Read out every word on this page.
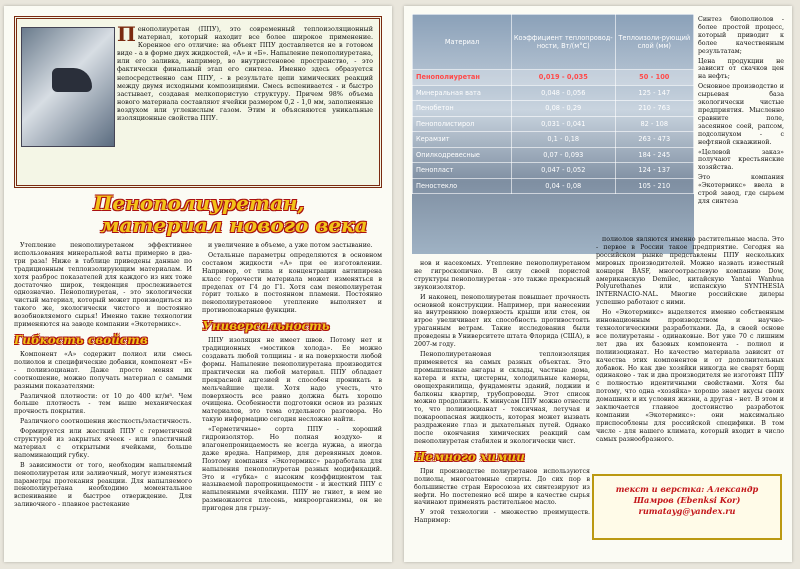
Пенополиуретан (ППУ), это современный теплоизоляционный материал, который находит все более широкое применение. Коренное его отличие: на объект ППУ доставляется не в готовом виде - а в форме двух жидкостей, «А» и «Б». Напыление пенополиуретана, или его заливка, например, во внутриcтеновое пространство, - это фактически финальный этап его синтеза. Именно здесь образуется непосредственно сам ППУ, - в результате цепи химических реакций между двумя исходными композициями. Смесь вспенивается - и быстро застывает, создавая мелкопористую структуру. Причем 98% объема нового материала составляют ячейки размером 0,2 - 1,0 мм, заполненные воздухом или углекислым газом. Этим и объясняются уникальные изоляционные свойства ППУ.
Пенополиуретан,
материал нового века

Утепление пенополиуретаном эффективнее использования минеральной ваты примерно в два-три раза! Ниже в таблице приведены данные по традиционным теплоизолирующим материалам. И хотя разброс показателей для каждого из них тоже достаточно широк, тенденция прослеживается однозначно. Пенополиуретан, - это экологически чистый материал, который может производиться из такого же, экологически чистого и постоянно возобновляемого сырья! Именно такие технологии применяются на заводе компании «Экотермикс».

Гибкость свойств

Компонент «А» содержит полиол или смесь полиолов и специфические добавки, компонент «Б» - полиизоцианат. Даже просто меняя их соотношение, можно получать материал с самыми разными показателями:

Различной плотности: от 10 до 400 кг/м³. Чем больше плотность - тем выше механическая прочность покрытия.

Различного соотношения жесткость/эластичность.

Формируется или жесткий ППУ с герметичной структурой из закрытых ячеек - или эластичный материал с открытыми ячейками, больше напоминающий губку.

В зависимости от того, необходим напыляемый пенополиуретан или заливочный, могут изменяться параметры протекания реакции. Для напыляемого пенополиуретана необходимо моментальное вспенивание и быстрое отверждение. Для заливочного - плавное растекание

и увеличение в объеме, а уже потом застывание.

Остальные параметры определяются в основном составом жидкости «А» при ее изготовлении. Например, от типа и концентрации антипирена класс горючести материала может изменяться в пределах от Г4 до Г1. Хотя сам пенополиуретан горит только в постоянном пламени. Постоянно пенополиуретановое утепление выполняет и противопожарные функции.

Универсальность

ППУ изоляция не имеет швов. Потому нет и традиционных «мостиков холода». Ее можно создавать любой толщины - и на поверхности любой формы. Напыление пенополиуретана производится практически на любой материал. ППУ обладает прекрасной адгезией и способен проникать в мельчайшие щели. Хотя надо учесть, что поверхность все равно должна быть хорошо очищена. Особенности подготовки основ из разных материалов, это тема отдельного разговора. Но такую информацию сегодня несложно найти.

«Герметичные» сорта ППУ - хороший гидроизолятор. Но полная воздухо- и влагонепроницаемость не всегда нужна, а иногда даже вредна. Например, для деревянных домов. Поэтому компания «Экотермикс» разработала для напыления пенополиуретан разных модификаций. Это и «губка» с высоким коэффициентом так называемой паропроницаемости - и жесткий ППУ с напыленными ячейками. ППУ не гниет, в нем не размножаются плесень, микроорганизмы, он не пригоден для грызу-

Материал	Коэффициент теплопровод-ности, Вт/(м°С)	Теплоизоли-рующий слой (мм)
Пенополиуретан	0,019 - 0,035	50 - 100
Минеральная вата	0,048 - 0,056	125 - 147
Пенобетон	0,08 - 0,29	210 - 763
Пенополистирол	0,031 - 0,041	82 - 108
Керамзит	0,1 - 0,18	263 - 473
Опилкодревесные	0,07 - 0,093	184 - 245
Пенопласт	0,047 - 0,052	124 - 137
Пеностекло	0,04 - 0,08	105 - 210

Синтез биополиолов - более простой процесс, который приводит к более качественным результатам;

Цена продукции не зависит от скачков цен на нефть;

Основное производство и сырьевая база экологически чистые предприятия. Мысленно сравните поле, засеянное соей, рапсом, подсолнухом - с нефтяной скважиной.

«Целевой заказ» получают крестьянские хозяйства.

Это компания «Экотермикс» ввела в строй завод, где сырьем для синтеза

нов и насекомых. Утепление пенополиуретаном не гигроскопично. В силу своей пористой структуры пенополиуретан - это также прекрасный звукоизолятор.

И наконец, пенополиуретан повышает прочность основной конструкции. Например, при нанесении на внутреннюю поверхность крыши или стен, он втрое увеличивает их способность противостоять ураганным ветрам. Такие исследования были проведены в Университете штата Флорида (США), в 2007-м году.

Пенополиуретановая теплоизоляция применяется на самых разных объектах. Это промышленные ангары и склады, частные дома, катера и яхты, цистерны, холодильные камеры, овощехранилища, фундаменты зданий, лоджии и балконы квартир, трубопроводы. Этот список можно продолжить. К минусам ППУ можно отнести то, что полиизоцианат - токсичная, летучая и пожароопасная жидкость, которая может вызвать раздражение глаз и дыхательных путей. Однако после окончания химических реакций сам пенополиуретан стабилен и экологически чист.

Немного химии

При производстве полиуретанов используются полиолы, многоатомные спирты. До сих пор в большинстве стран Евросоюза их синтезируют из нефти. Но постепенно всё шире в качестве сырья начинают применять растительное масло.

У этой технологии - множество преимуществ. Например:

полиолов являются именно растительные масла. Это - первое в России такое предприятие. Сегодня на российском рынке представлены ППУ нескольких мировых производителей. Можно назвать известный концерн BASF, многоотраслевую компанию Dow, американскую Demilec, китайскую Yantai Wanhua Polyurethanes или испанскую SYNTHESIA INTERNACIO-NAL. Многие российские дилеры успешно работают с ними.

Но «Экотермикс» выделяется именно собственным инновационным производством и научно-технологическими разработками. Да, в своей основе все полиуретаны - одинаковые. Вот уже 70 с лишним лет два их базовых компонента - полиол и полиизоцианат. Но качество материала зависит от качества этих компонентов и от дополнительных добавок. Но как две хозяйки никогда не сварят борщ одинаково - так и два производителя не изготовят ППУ с полностью идентичными свойствами. Хотя бы потому, что одна «хозяйка» хорошо знает вкусы своих домашних и их условия жизни, а другая - нет. В этом и заключается главное достоинство разработок компании «Экотермикс»: они максимально приспособлены для российской специфики. В том числе - для нашего климата, который входит в число самых разнообразного.

текст и верстка: Александр
Шамров (Ebenksi Kor)
rumatayg@yandex.ru
